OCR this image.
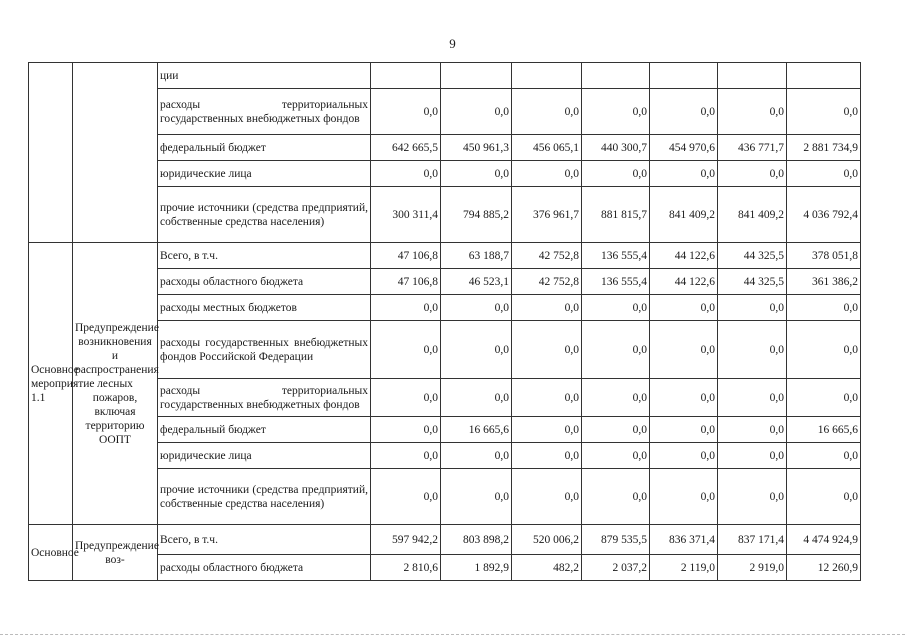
9
		ции							
		расходы территориальных государственных внебюджетных фондов	0,0	0,0	0,0	0,0	0,0	0,0	0,0
		федеральный бюджет	642 665,5	450 961,3	456 065,1	440 300,7	454 970,6	436 771,7	2 881 734,9
		юридические лица	0,0	0,0	0,0	0,0	0,0	0,0	0,0
		прочие источники (средства предприятий, собственные средства населения)	300 311,4	794 885,2	376 961,7	881 815,7	841 409,2	841 409,2	4 036 792,4
Основное мероприятие 1.1	Предупреждение возникновения и распространения лесных пожаров, включая территорию ООПТ	Всего, в т.ч.	47 106,8	63 188,7	42 752,8	136 555,4	44 122,6	44 325,5	378 051,8
		расходы областного бюджета	47 106,8	46 523,1	42 752,8	136 555,4	44 122,6	44 325,5	361 386,2
		расходы местных бюджетов	0,0	0,0	0,0	0,0	0,0	0,0	0,0
		расходы государственных внебюджетных фондов Российской Федерации	0,0	0,0	0,0	0,0	0,0	0,0	0,0
		расходы территориальных государственных внебюджетных фондов	0,0	0,0	0,0	0,0	0,0	0,0	0,0
		федеральный бюджет	0,0	16 665,6	0,0	0,0	0,0	0,0	16 665,6
		юридические лица	0,0	0,0	0,0	0,0	0,0	0,0	0,0
		прочие источники (средства предприятий, собственные средства населения)	0,0	0,0	0,0	0,0	0,0	0,0	0,0
Основное	Предупреждение воз-	Всего, в т.ч.	597 942,2	803 898,2	520 006,2	879 535,5	836 371,4	837 171,4	4 474 924,9
		расходы областного бюджета	2 810,6	1 892,9	482,2	2 037,2	2 119,0	2 919,0	12 260,9
